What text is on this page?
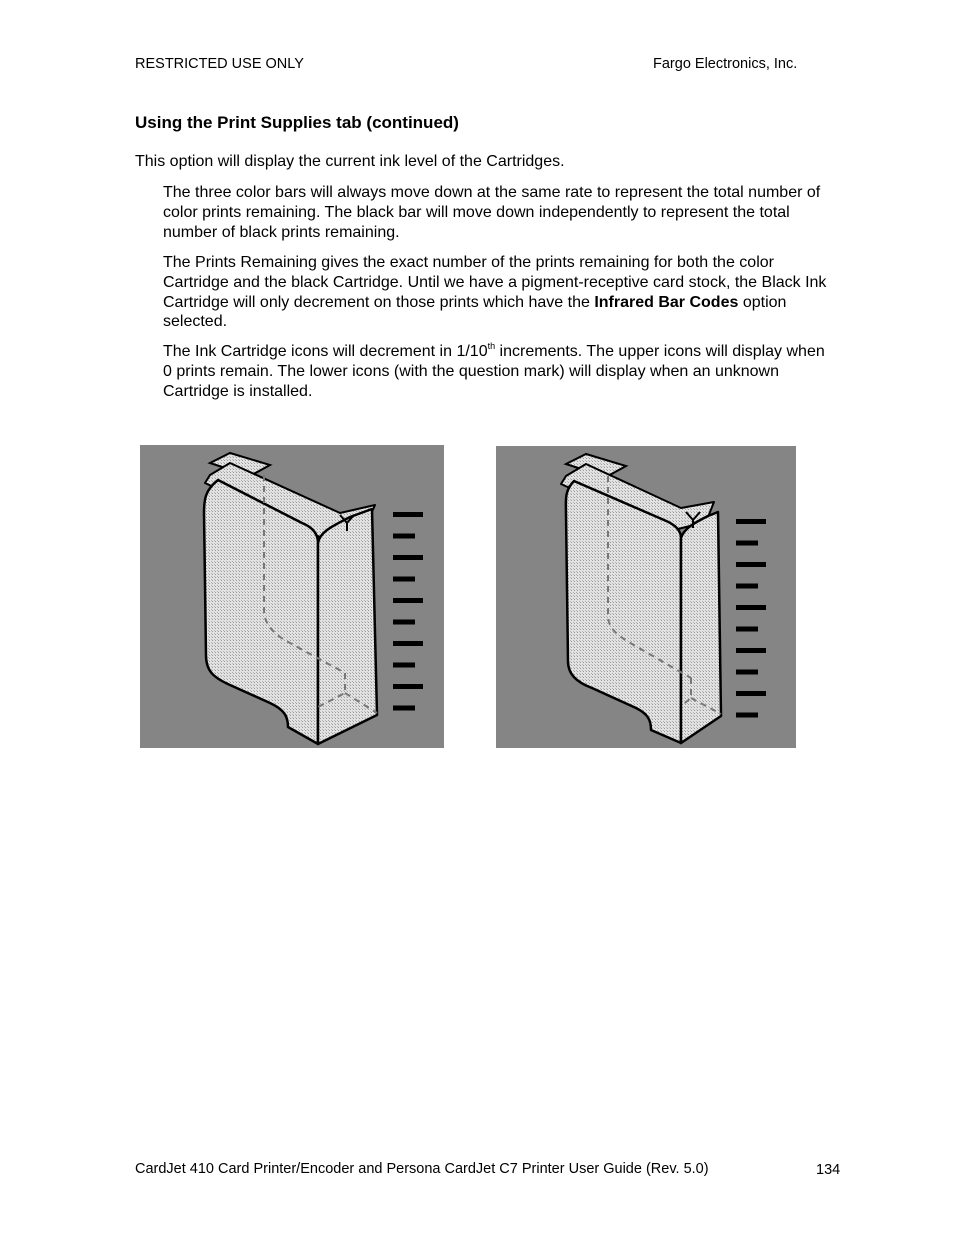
RESTRICTED USE ONLY	Fargo Electronics, Inc.
Using the Print Supplies tab (continued)
This option will display the current ink level of the Cartridges.

The three color bars will always move down at the same rate to represent the total number of color prints remaining. The black bar will move down independently to represent the total number of black prints remaining.

The Prints Remaining gives the exact number of the prints remaining for both the color Cartridge and the black Cartridge. Until we have a pigment-receptive card stock, the Black Ink Cartridge will only decrement on those prints which have the Infrared Bar Codes option selected.

The Ink Cartridge icons will decrement in 1/10th increments. The upper icons will display when 0 prints remain. The lower icons (with the question mark) will display when an unknown Cartridge is installed.

CardJet 410 Card Printer/Encoder and Persona CardJet C7 Printer User Guide (Rev. 5.0)	134
